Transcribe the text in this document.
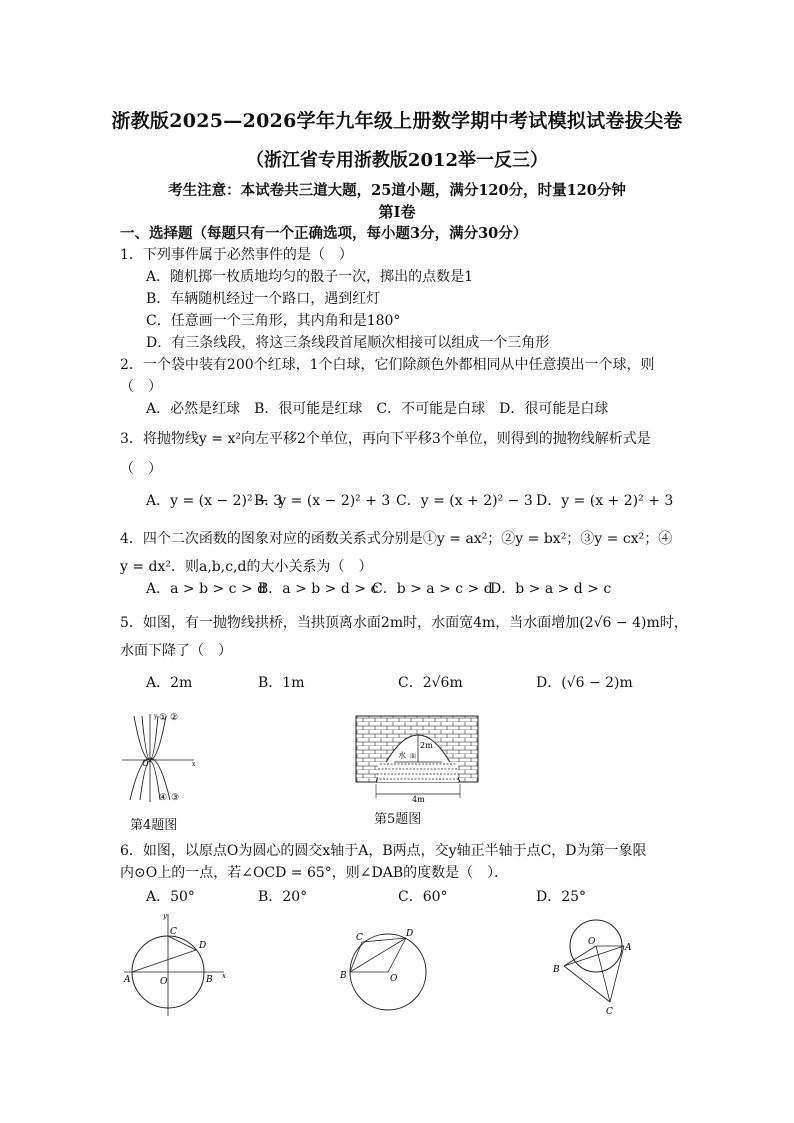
浙教版2025—2026学年九年级上册数学期中考试模拟试卷拔尖卷
（浙江省专用浙教版2012举一反三）
考生注意：本试卷共三道大题，25道小题，满分120分，时量120分钟
第Ⅰ卷
一、选择题（每题只有一个正确选项，每小题3分，满分30分）
1．下列事件属于必然事件的是（　）
A．随机掷一枚质地均匀的骰子一次，掷出的点数是1
B．车辆随机经过一个路口，遇到红灯
C．任意画一个三角形，其内角和是180°
D．有三条线段，将这三条线段首尾顺次相接可以组成一个三角形
2．一个袋中装有200个红球，1个白球，它们除颜色外都相同从中任意摸出一个球，则
（　）
A．必然是红球　B．很可能是红球　C．不可能是白球　D．很可能是白球
3．将抛物线y = x²向左平移2个单位，再向下平移3个单位，则得到的抛物线解析式是
（　）
A．y = (x − 2)² − 3
B．y = (x − 2)² + 3 C．y = (x + 2)² − 3 D．y = (x + 2)² + 3
4．四个二次函数的图象对应的函数关系式分别是①y = ax²；②y = bx²；③y = cx²；④
y = dx²．则a,b,c,d的大小关系为（　）
A．a > b > c > d
B．a > b > d > c
C．b > a > c > d
D．b > a > d > c
5．如图，有一抛物线拱桥，当拱顶离水面2m时，水面宽4m，当水面增加(2√6 − 4)m时，
水面下降了（　）
A．2m	B．1m	C．2√6m	D．(√6 − 2)m
y
x
O
① ②
④ ③
第4题图
2m
水 面
4m
第5题图
6．如图，以原点O为圆心的圆交x轴于A，B两点，交y轴正半轴于点C，D为第一象限
内⊙O上的一点，若∠OCD = 65°，则∠DAB的度数是（　）．
A．50°	B．20°	C．60°	D．25°
y
x
A	B
C
D
O
C	D
B	O
O
A
B
C
